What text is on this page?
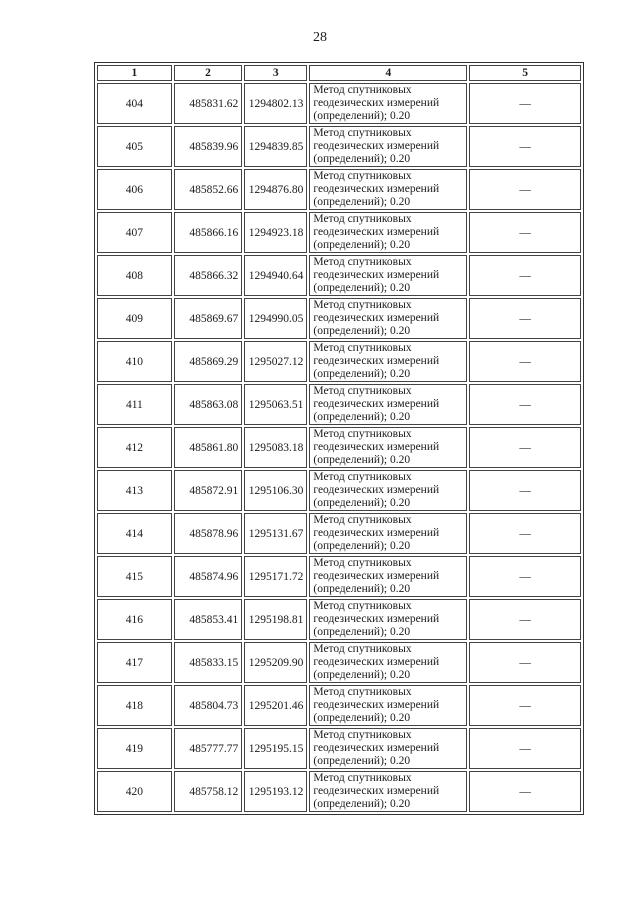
28
1	2	3	4	5
404	485831.62	1294802.13	Метод спутниковых
геодезических измерений
(определений); 0.20	—
405	485839.96	1294839.85	Метод спутниковых
геодезических измерений
(определений); 0.20	—
406	485852.66	1294876.80	Метод спутниковых
геодезических измерений
(определений); 0.20	—
407	485866.16	1294923.18	Метод спутниковых
геодезических измерений
(определений); 0.20	—
408	485866.32	1294940.64	Метод спутниковых
геодезических измерений
(определений); 0.20	—
409	485869.67	1294990.05	Метод спутниковых
геодезических измерений
(определений); 0.20	—
410	485869.29	1295027.12	Метод спутниковых
геодезических измерений
(определений); 0.20	—
411	485863.08	1295063.51	Метод спутниковых
геодезических измерений
(определений); 0.20	—
412	485861.80	1295083.18	Метод спутниковых
геодезических измерений
(определений); 0.20	—
413	485872.91	1295106.30	Метод спутниковых
геодезических измерений
(определений); 0.20	—
414	485878.96	1295131.67	Метод спутниковых
геодезических измерений
(определений); 0.20	—
415	485874.96	1295171.72	Метод спутниковых
геодезических измерений
(определений); 0.20	—
416	485853.41	1295198.81	Метод спутниковых
геодезических измерений
(определений); 0.20	—
417	485833.15	1295209.90	Метод спутниковых
геодезических измерений
(определений); 0.20	—
418	485804.73	1295201.46	Метод спутниковых
геодезических измерений
(определений); 0.20	—
419	485777.77	1295195.15	Метод спутниковых
геодезических измерений
(определений); 0.20	—
420	485758.12	1295193.12	Метод спутниковых
геодезических измерений
(определений); 0.20	—
